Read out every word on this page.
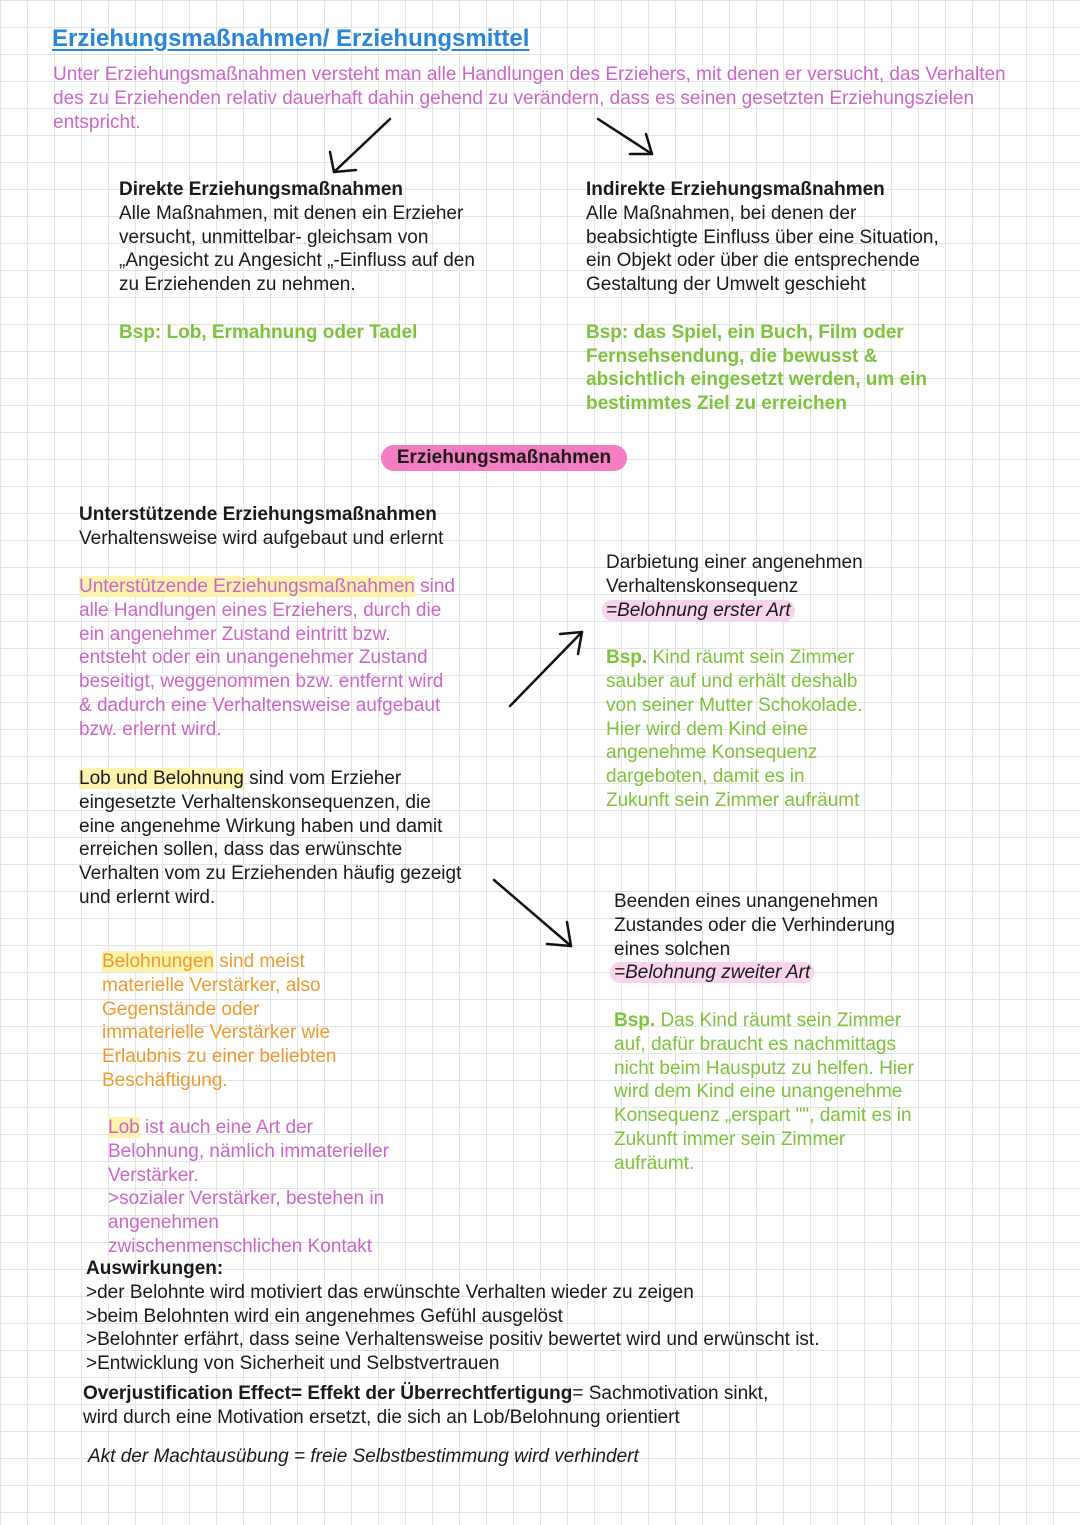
Erziehungsmaßnahmen/ Erziehungsmittel
Unter Erziehungsmaßnahmen versteht man alle Handlungen des Erziehers, mit denen er versucht, das Verhalten
des zu Erziehenden relativ dauerhaft dahin gehend zu verändern, dass es seinen gesetzten Erziehungszielen
entspricht.
Direkte Erziehungsmaßnahmen
Alle Maßnahmen, mit denen ein Erzieher
versucht, unmittelbar- gleichsam von
„Angesicht zu Angesicht „-Einfluss auf den
zu Erziehenden zu nehmen.
Bsp: Lob, Ermahnung oder Tadel
Indirekte Erziehungsmaßnahmen
Alle Maßnahmen, bei denen der
beabsichtigte Einfluss über eine Situation,
ein Objekt oder über die entsprechende
Gestaltung der Umwelt geschieht
Bsp: das Spiel, ein Buch, Film oder
Fernsehsendung, die bewusst &
absichtlich eingesetzt werden, um ein
bestimmtes Ziel zu erreichen
Erziehungsmaßnahmen
Unterstützende Erziehungsmaßnahmen
Verhaltensweise wird aufgebaut und erlernt
Unterstützende Erziehungsmaßnahmen sind
alle Handlungen eines Erziehers, durch die
ein angenehmer Zustand eintritt bzw.
entsteht oder ein unangenehmer Zustand
beseitigt, weggenommen bzw. entfernt wird
& dadurch eine Verhaltensweise aufgebaut
bzw. erlernt wird.
Lob und Belohnung sind vom Erzieher
eingesetzte Verhaltenskonsequenzen, die
eine angenehme Wirkung haben und damit
erreichen sollen, dass das erwünschte
Verhalten vom zu Erziehenden häufig gezeigt
und erlernt wird.
Belohnungen sind meist
materielle Verstärker, also
Gegenstände oder
immaterielle Verstärker wie
Erlaubnis zu einer beliebten
Beschäftigung.
Lob ist auch eine Art der
Belohnung, nämlich immaterieller
Verstärker.
>sozialer Verstärker, bestehen in
angenehmen
zwischenmenschlichen Kontakt
Darbietung einer angenehmen
Verhaltenskonsequenz
=Belohnung erster Art
Bsp. Kind räumt sein Zimmer
sauber auf und erhält deshalb
von seiner Mutter Schokolade.
Hier wird dem Kind eine
angenehme Konsequenz
dargeboten, damit es in
Zukunft sein Zimmer aufräumt
Beenden eines unangenehmen
Zustandes oder die Verhinderung
eines solchen
=Belohnung zweiter Art
Bsp. Das Kind räumt sein Zimmer
auf, dafür braucht es nachmittags
nicht beim Hausputz zu helfen. Hier
wird dem Kind eine unangenehme
Konsequenz „erspart "", damit es in
Zukunft immer sein Zimmer
aufräumt.
Auswirkungen:
>der Belohnte wird motiviert das erwünschte Verhalten wieder zu zeigen
>beim Belohnten wird ein angenehmes Gefühl ausgelöst
>Belohnter erfährt, dass seine Verhaltensweise positiv bewertet wird und erwünscht ist.
>Entwicklung von Sicherheit und Selbstvertrauen
Overjustification Effect= Effekt der Überrechtfertigung= Sachmotivation sinkt,
wird durch eine Motivation ersetzt, die sich an Lob/Belohnung orientiert
Akt der Machtausübung = freie Selbstbestimmung wird verhindert
